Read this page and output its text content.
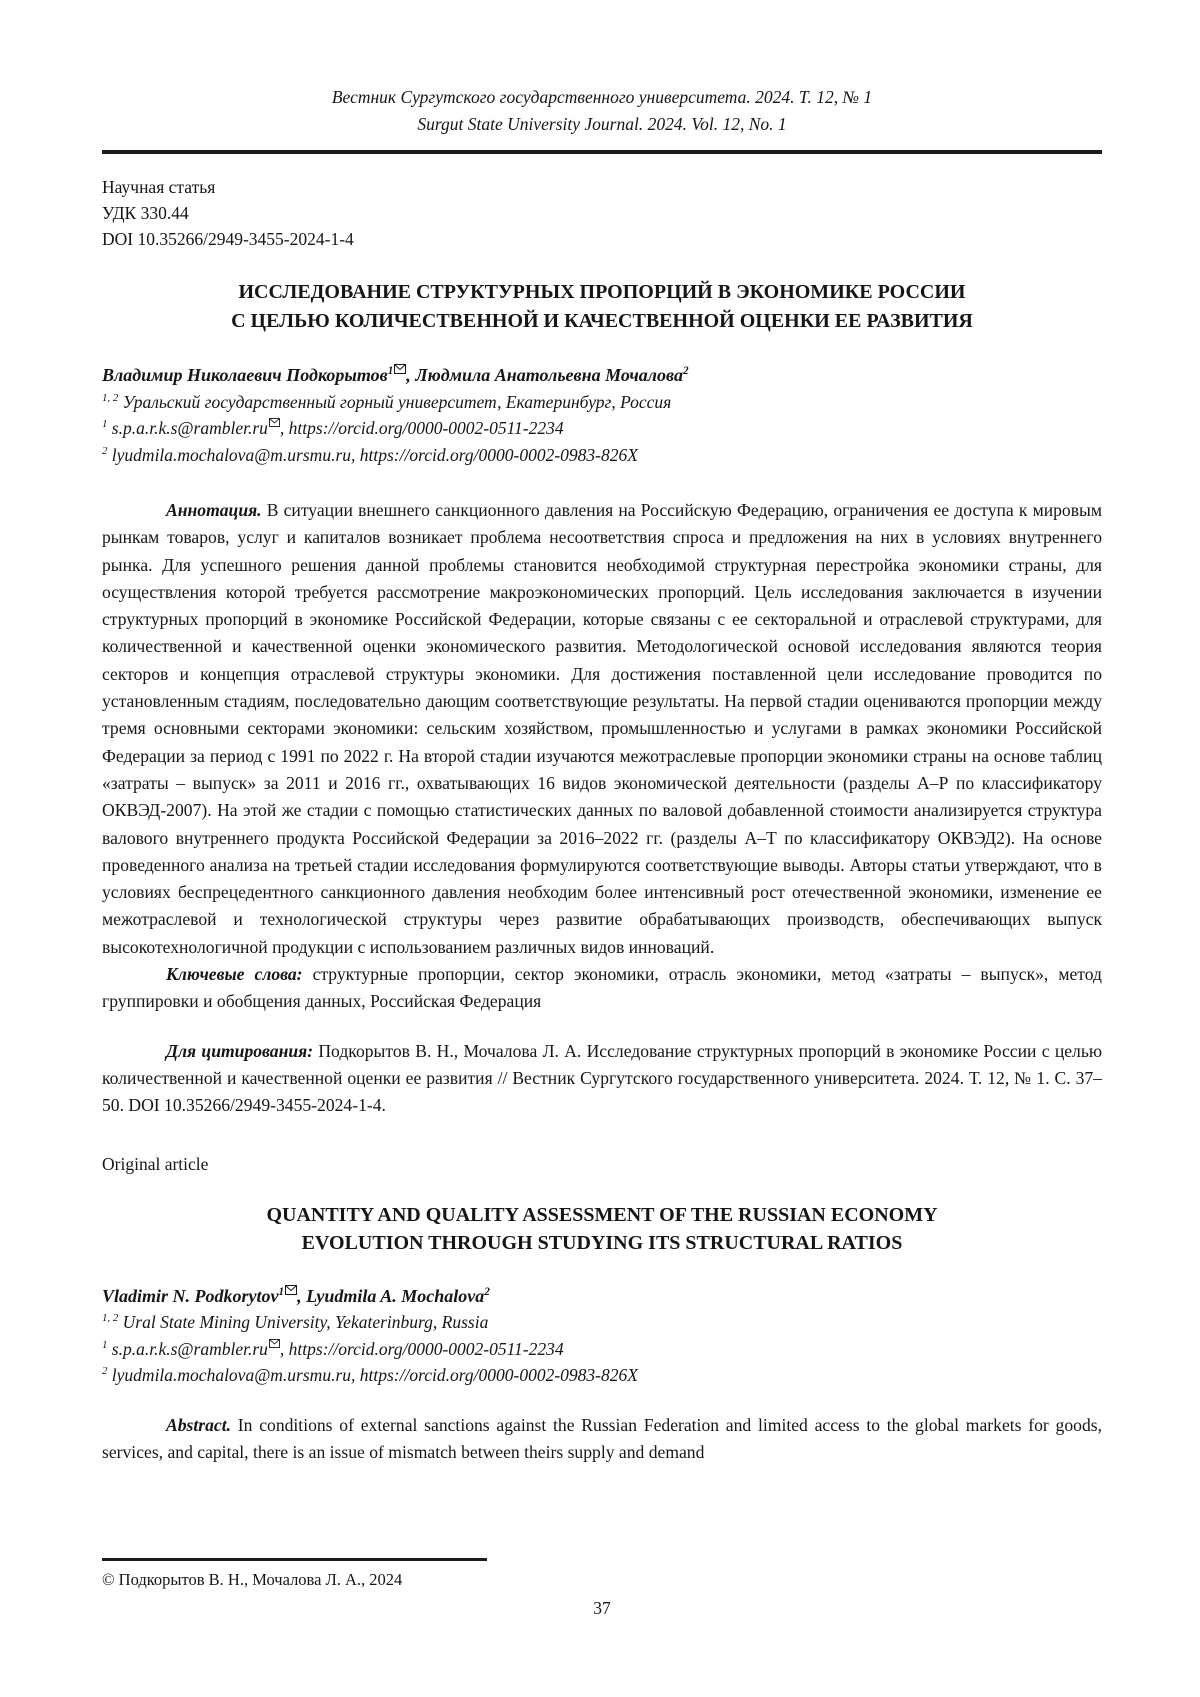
Вестник Сургутского государственного университета. 2024. Т. 12, № 1

Surgut State University Journal. 2024. Vol. 12, No. 1

Научная статья

УДК 330.44

DOI 10.35266/2949-3455-2024-1-4

ИССЛЕДОВАНИЕ СТРУКТУРНЫХ ПРОПОРЦИЙ В ЭКОНОМИКЕ РОССИИ

С ЦЕЛЬЮ КОЛИЧЕСТВЕННОЙ И КАЧЕСТВЕННОЙ ОЦЕНКИ ЕЕ РАЗВИТИЯ

Владимир Николаевич Подкорытов$^1$ , Людмила Анатольевна Мочалова$^2$

$^{1, 2}$ Уральский государственный горный университет, Екатеринбург, Россия

$^1$ s.p.a.r.k.s@rambler.ru , https://orcid.org/0000-0002-0511-2234

$^2$ lyudmila.mochalova@m.ursmu.ru, https://orcid.org/0000-0002-0983-826X

Аннотация. В ситуации внешнего санкционного давления на Российскую Федерацию, ограничения ее доступа к мировым рынкам товаров, услуг и капиталов возникает проблема несоответствия спроса и предложения на них в условиях внутреннего рынка. Для успешного решения данной проблемы становится необходимой структурная перестройка экономики страны, для осуществления которой требуется рассмотрение макроэкономических пропорций. Цель исследования заключается в изучении структурных пропорций в экономике Российской Федерации, которые связаны с ее секторальной и отраслевой структурами, для количественной и качественной оценки экономического развития. Методологической основой исследования являются теория секторов и концепция отраслевой структуры экономики. Для достижения поставленной цели исследование проводится по установленным стадиям, последовательно дающим соответствующие результаты. На первой стадии оцениваются пропорции между тремя основными секторами экономики: сельским хозяйством, промышленностью и услугами в рамках экономики Российской Федерации за период с 1991 по 2022 г. На второй стадии изучаются межотраслевые пропорции экономики страны на основе таблиц «затраты – выпуск» за 2011 и 2016 гг., охватывающих 16 видов экономической деятельности (разделы А–Р по классификатору ОКВЭД-2007). На этой же стадии с помощью статистических данных по валовой добавленной стоимости анализируется структура валового внутреннего продукта Российской Федерации за 2016–2022 гг. (разделы А–Т по классификатору ОКВЭД2). На основе проведенного анализа на третьей стадии исследования формулируются соответствующие выводы. Авторы статьи утверждают, что в условиях беспрецедентного санкционного давления необходим более интенсивный рост отечественной экономики, изменение ее межотраслевой и технологической структуры через развитие обрабатывающих производств, обеспечивающих выпуск высокотехнологичной продукции с использованием различных видов инноваций.

Ключевые слова: структурные пропорции, сектор экономики, отрасль экономики, метод «затраты – выпуск», метод группировки и обобщения данных, Российская Федерация

Для цитирования: Подкорытов В. Н., Мочалова Л. А. Исследование структурных пропорций в экономике России с целью количественной и качественной оценки ее развития // Вестник Сургутского государственного университета. 2024. Т. 12, № 1. С. 37–50. DOI 10.35266/2949-3455-2024-1-4.

Original article

QUANTITY AND QUALITY ASSESSMENT OF THE RUSSIAN ECONOMY

EVOLUTION THROUGH STUDYING ITS STRUCTURAL RATIOS

Vladimir N. Podkorytov$^1$ , Lyudmila A. Mochalova$^2$

$^{1, 2}$ Ural State Mining University, Yekaterinburg, Russia

$^1$ s.p.a.r.k.s@rambler.ru , https://orcid.org/0000-0002-0511-2234

$^2$ lyudmila.mochalova@m.ursmu.ru, https://orcid.org/0000-0002-0983-826X

Abstract. In conditions of external sanctions against the Russian Federation and limited access to the global markets for goods, services, and capital, there is an issue of mismatch between theirs supply and demand

© Подкорытов В. Н., Мочалова Л. А., 2024

37
